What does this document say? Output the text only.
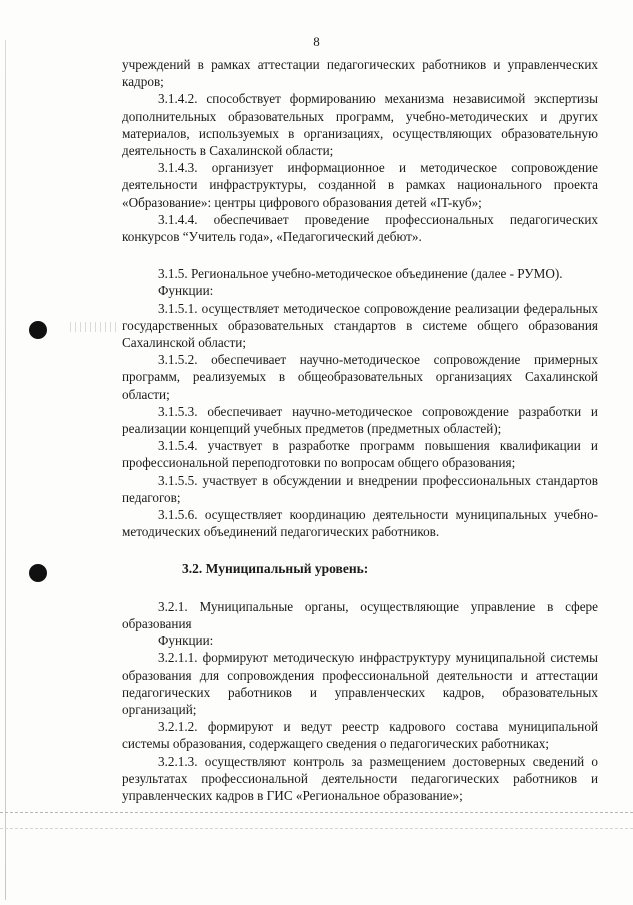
8

учреждений в рамках аттестации педагогических работников и управленческих кадров;

3.1.4.2. способствует формированию механизма независимой экспертизы дополнительных образовательных программ, учебно-методических и других материалов, используемых в организациях, осуществляющих образовательную деятельность в Сахалинской области;

3.1.4.3. организует информационное и методическое сопровождение деятельности инфраструктуры, созданной в рамках национального проекта «Образование»: центры цифрового образования детей «IT-куб»;

3.1.4.4. обеспечивает проведение профессиональных педагогических конкурсов “Учитель года», «Педагогический дебют».

3.1.5. Региональное учебно-методическое объединение (далее - РУМО).

Функции:

3.1.5.1. осуществляет методическое сопровождение реализации федеральных государственных образовательных стандартов в системе общего образования Сахалинской области;

3.1.5.2. обеспечивает научно-методическое сопровождение примерных программ, реализуемых в общеобразовательных организациях Сахалинской области;

3.1.5.3. обеспечивает научно-методическое сопровождение разработки и реализации концепций учебных предметов (предметных областей);

3.1.5.4. участвует в разработке программ повышения квалификации и профессиональной переподготовки по вопросам общего образования;

3.1.5.5. участвует в обсуждении и внедрении профессиональных стандартов педагогов;

3.1.5.6. осуществляет координацию деятельности муниципальных учебно-методических объединений педагогических работников.

3.2. Муниципальный уровень:

3.2.1. Муниципальные органы, осуществляющие управление в сфере образования

Функции:

3.2.1.1. формируют методическую инфраструктуру муниципальной системы образования для сопровождения профессиональной деятельности и аттестации педагогических работников и управленческих кадров, образовательных организаций;

3.2.1.2. формируют и ведут реестр кадрового состава муниципальной системы образования, содержащего сведения о педагогических работниках;

3.2.1.3. осуществляют контроль за размещением достоверных сведений о результатах профессиональной деятельности педагогических работников и управленческих кадров в ГИС «Региональное образование»;
